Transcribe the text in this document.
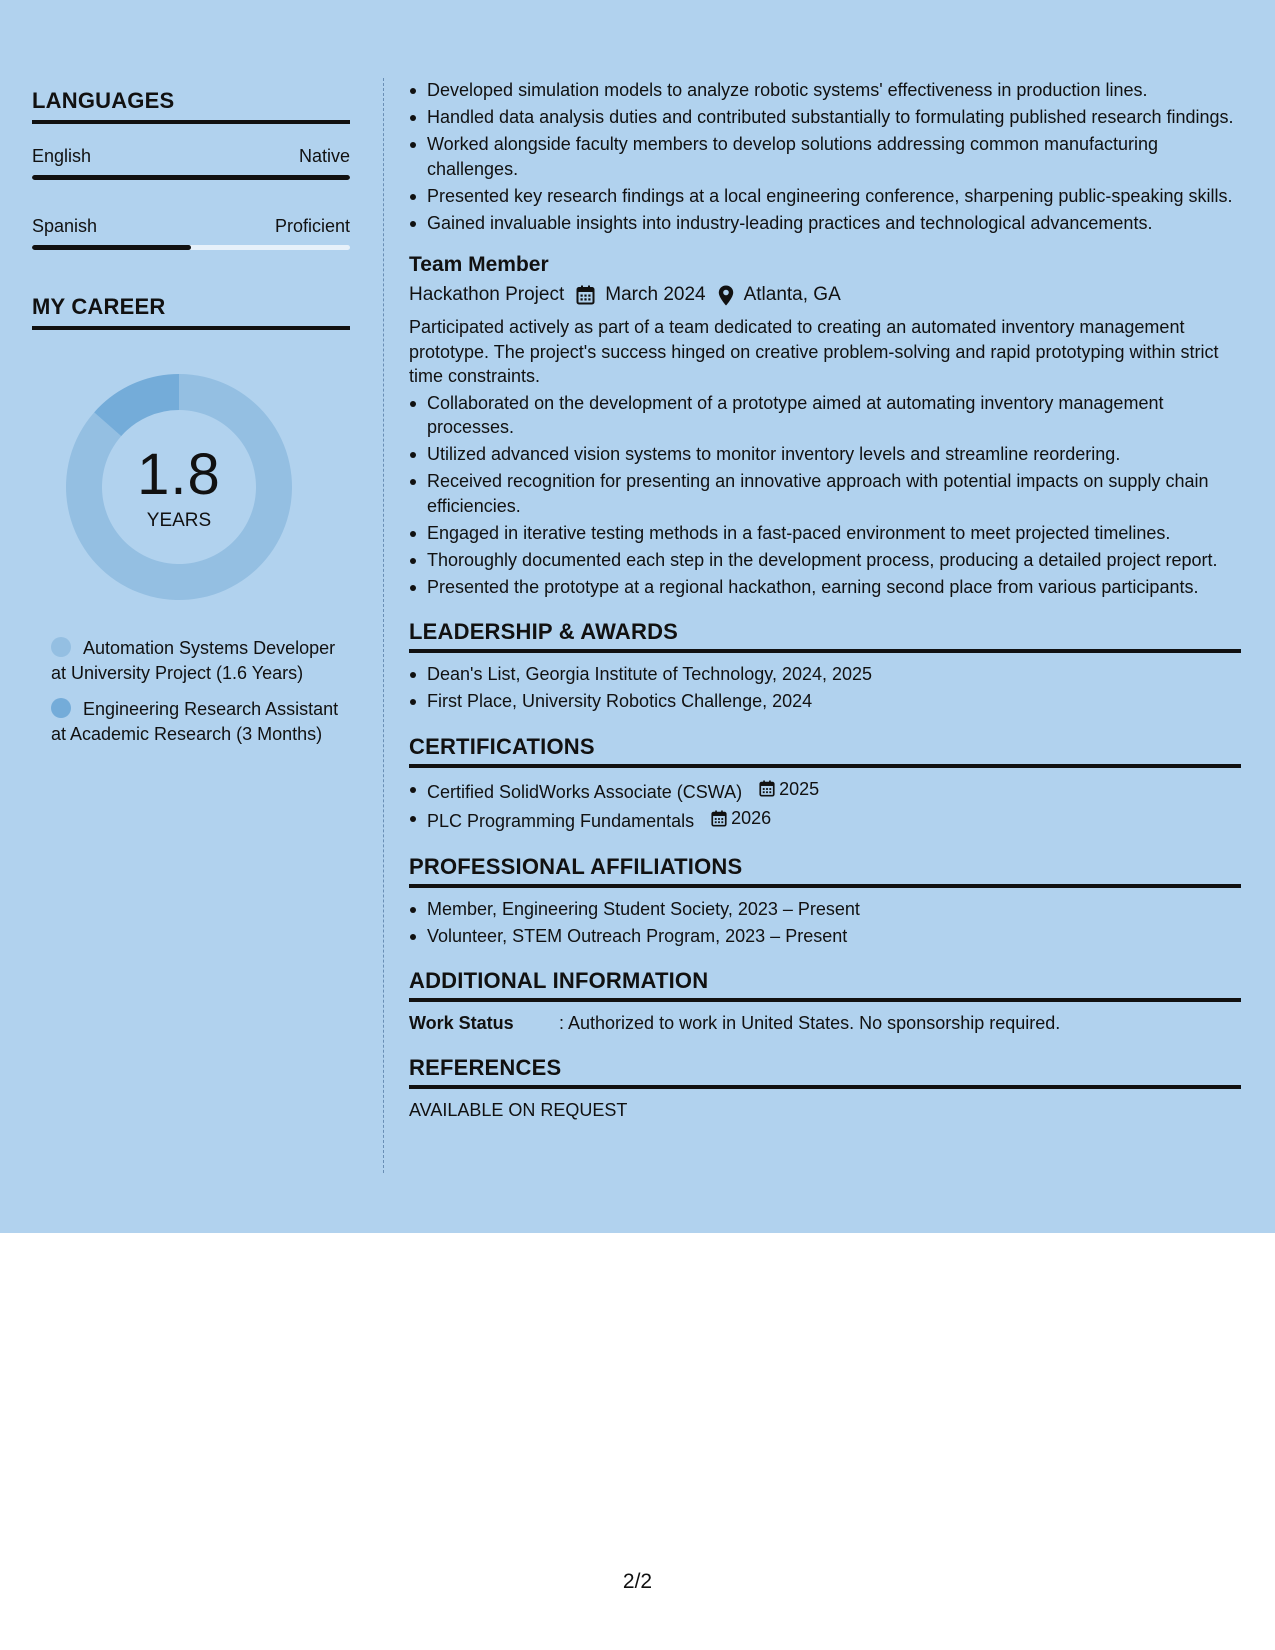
LANGUAGES
English	Native
Spanish	Proficient
MY CAREER
1.8
YEARS
Automation Systems Developer at University Project (1.6 Years)
Engineering Research Assistant at Academic Research (3 Months)
Developed simulation models to analyze robotic systems' effectiveness in production lines.
Handled data analysis duties and contributed substantially to formulating published research findings.
Worked alongside faculty members to develop solutions addressing common manufacturing challenges.
Presented key research findings at a local engineering conference, sharpening public-speaking skills.
Gained invaluable insights into industry-leading practices and technological advancements.
Team Member
Hackathon Project March 2024 Atlanta, GA

Participated actively as part of a team dedicated to creating an automated inventory management prototype. The project's success hinged on creative problem-solving and rapid prototyping within strict time constraints.

Collaborated on the development of a prototype aimed at automating inventory management processes.
Utilized advanced vision systems to monitor inventory levels and streamline reordering.
Received recognition for presenting an innovative approach with potential impacts on supply chain efficiencies.
Engaged in iterative testing methods in a fast-paced environment to meet projected timelines.
Thoroughly documented each step in the development process, producing a detailed project report.
Presented the prototype at a regional hackathon, earning second place from various participants.
LEADERSHIP & AWARDS
Dean's List, Georgia Institute of Technology, 2024, 2025
First Place, University Robotics Challenge, 2024
CERTIFICATIONS
Certified SolidWorks Associate (CSWA) 2025
PLC Programming Fundamentals 2026
PROFESSIONAL AFFILIATIONS
Member, Engineering Student Society, 2023 – Present
Volunteer, STEM Outreach Program, 2023 – Present
ADDITIONAL INFORMATION
Work Status	: Authorized to work in United States. No sponsorship required.
REFERENCES
AVAILABLE ON REQUEST
2/2
